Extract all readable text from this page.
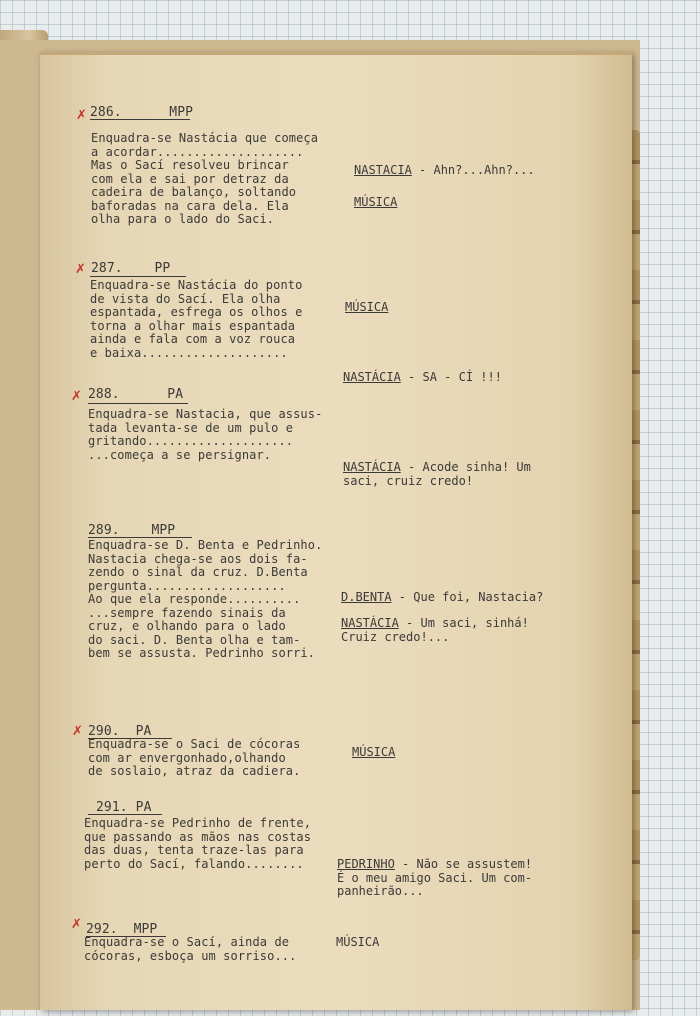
✗ 286.	MPP
Enquadra-se Nastácia que começa
a acordar....................
Mas o Sací resolveu brincar
com ela e sai por detraz da
cadeira de balanço, soltando
baforadas na cara dela. Ela
olha para o lado do Saci.
NASTACIA - Ahn?...Ahn?...
MÚSICA
✗ 287. PP
Enquadra-se Nastácia do ponto
de vista do Sací. Ela olha
espantada, esfrega os olhos e
torna a olhar mais espantada
ainda e fala com a voz rouca
e baixa....................
MÚSICA
NASTÁCIA - SA - CÍ !!!
✗ 288.	PA
Enquadra-se Nastacia, que assus-
tada levanta-se de um pulo e
gritando....................
...começa a se persignar.
NASTÁCIA - Acode sinha! Um
saci, cruiz credo!
289. MPP
Enquadra-se D. Benta e Pedrinho.
Nastacia chega-se aos dois fa-
zendo o sinal da cruz. D.Benta
pergunta...................
Ao que ela responde..........
...sempre fazendo sinais da
cruz, e olhando para o lado
do saci. D. Benta olha e tam-
bem se assusta. Pedrinho sorri.
D.BENTA - Que foi, Nastacia?
NASTÁCIA - Um saci, sinhá!
Cruiz credo!...
✗ 290. PA
Enquadra-se o Saci de cócoras
com ar envergonhado,olhando
de soslaio, atraz da cadiera.
MÚSICA
291. PA
Enquadra-se Pedrinho de frente,
que passando as mãos nas costas
das duas, tenta traze-las para
perto do Sací, falando........	PEDRINHO - Não se assustem!
É o meu amigo Saci. Um com-
panheirão...
✗ 292. MPP
Enquadra-se o Sací, ainda de
cócoras, esboça um sorriso...
MÚSICA
